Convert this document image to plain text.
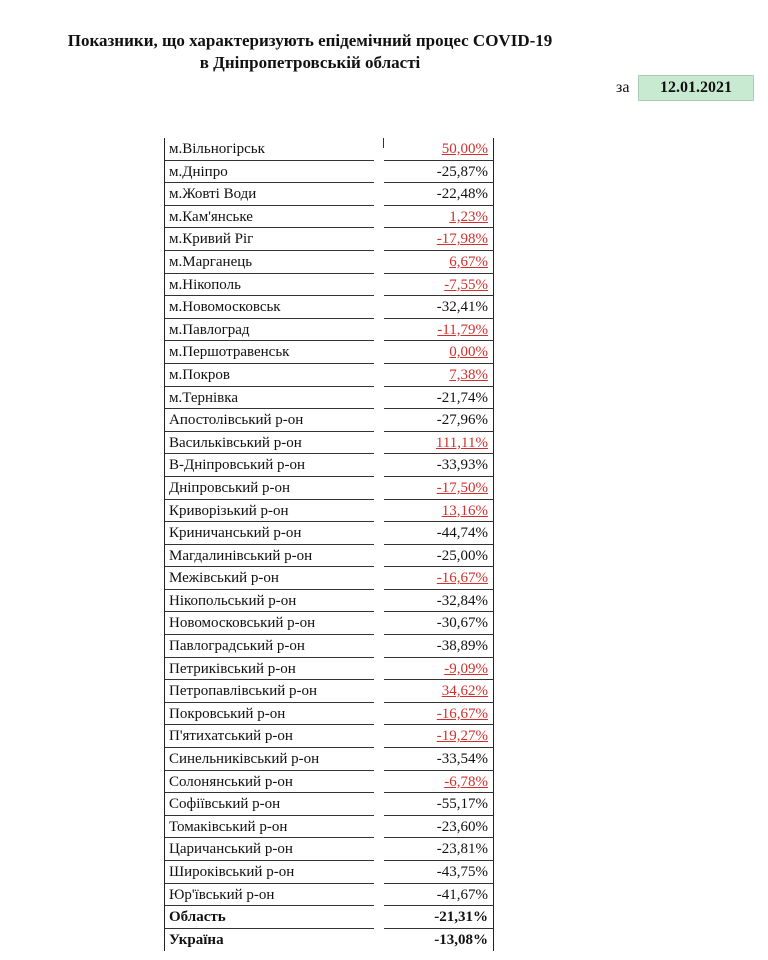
Показники, що характеризують епідемічний процес COVID-19
в Дніпропетровській області
за	12.01.2021
м.Вільногірськ	50,00%
м.Дніпро	-25,87%
м.Жовті Води	-22,48%
м.Кам'янське	1,23%
м.Кривий Ріг	-17,98%
м.Марганець	6,67%
м.Нікополь	-7,55%
м.Новомосковськ	-32,41%
м.Павлоград	-11,79%
м.Першотравенськ	0,00%
м.Покров	7,38%
м.Тернівка	-21,74%
Апостолівський р-он	-27,96%
Васильківський р-он	111,11%
В-Дніпровський р-он	-33,93%
Дніпровський р-он	-17,50%
Криворізький р-он	13,16%
Криничанський р-он	-44,74%
Магдалинівський р-он	-25,00%
Межівський р-он	-16,67%
Нікопольський р-он	-32,84%
Новомосковський р-он	-30,67%
Павлоградський р-он	-38,89%
Петриківський р-он	-9,09%
Петропавлівський р-он	34,62%
Покровський р-он	-16,67%
П'ятихатський р-он	-19,27%
Синельниківський р-он	-33,54%
Солонянський р-он	-6,78%
Софіївський р-он	-55,17%
Томаківський р-он	-23,60%
Царичанський р-он	-23,81%
Широківський р-он	-43,75%
Юр'ївський р-он	-41,67%
Область	-21,31%
Україна	-13,08%
